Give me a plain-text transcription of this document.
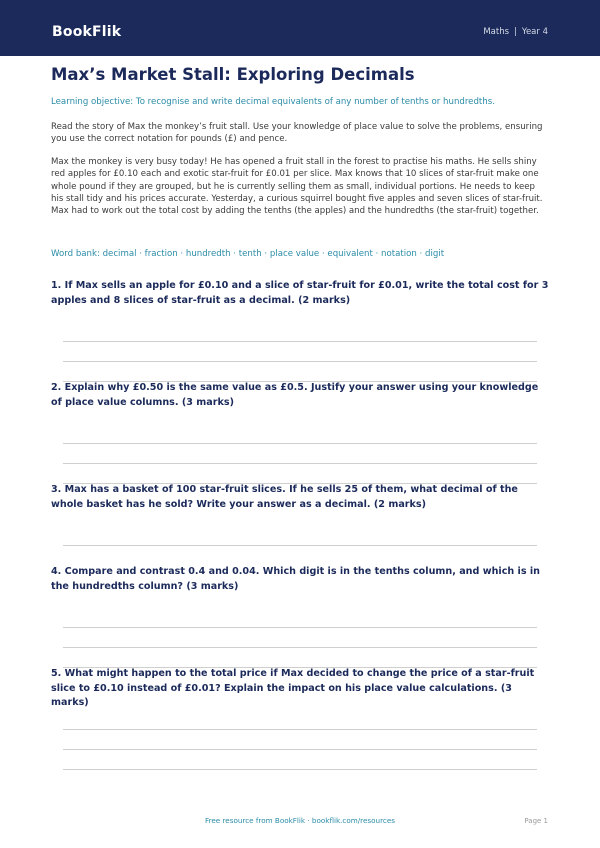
BookFlik	Maths | Year 4
Max’s Market Stall: Exploring Decimals

Learning objective: To recognise and write decimal equivalents of any number of tenths or hundredths.

Read the story of Max the monkey’s fruit stall. Use your knowledge of place value to solve the problems, ensuring you use the correct notation for pounds (£) and pence.

Max the monkey is very busy today! He has opened a fruit stall in the forest to practise his maths. He sells shiny red apples for £0.10 each and exotic star-fruit for £0.01 per slice. Max knows that 10 slices of star-fruit make one whole pound if they are grouped, but he is currently selling them as small, individual portions. He needs to keep his stall tidy and his prices accurate. Yesterday, a curious squirrel bought five apples and seven slices of star-fruit. Max had to work out the total cost by adding the tenths (the apples) and the hundredths (the star-fruit) together.

Word bank: decimal · fraction · hundredth · tenth · place value · equivalent · notation · digit

1. If Max sells an apple for £0.10 and a slice of star-fruit for £0.01, write the total cost for 3 apples and 8 slices of star-fruit as a decimal. (2 marks)

2. Explain why £0.50 is the same value as £0.5. Justify your answer using your knowledge of place value columns. (3 marks)

3. Max has a basket of 100 star-fruit slices. If he sells 25 of them, what decimal of the whole basket has he sold? Write your answer as a decimal. (2 marks)

4. Compare and contrast 0.4 and 0.04. Which digit is in the tenths column, and which is in the hundredths column? (3 marks)

5. What might happen to the total price if Max decided to change the price of a star-fruit slice to £0.10 instead of £0.01? Explain the impact on his place value calculations. (3 marks)

Free resource from BookFlik · bookflik.com/resources	Page 1
